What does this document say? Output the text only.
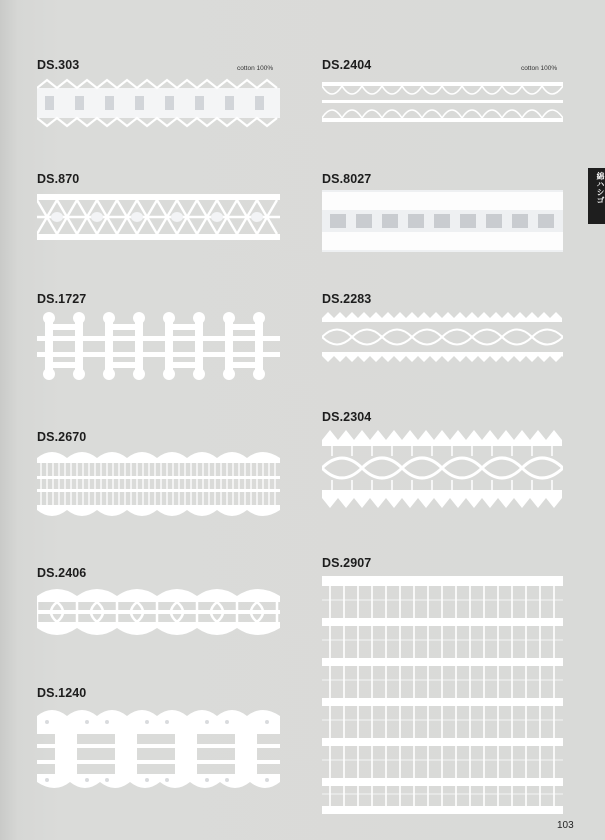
DS.303	cotton 100%
DS.870
DS.1727
DS.2670
DS.2406
DS.1240
DS.2404	cotton 100%
DS.8027
DS.2283
DS.2304
DS.2907
綿ハシゴ
103
